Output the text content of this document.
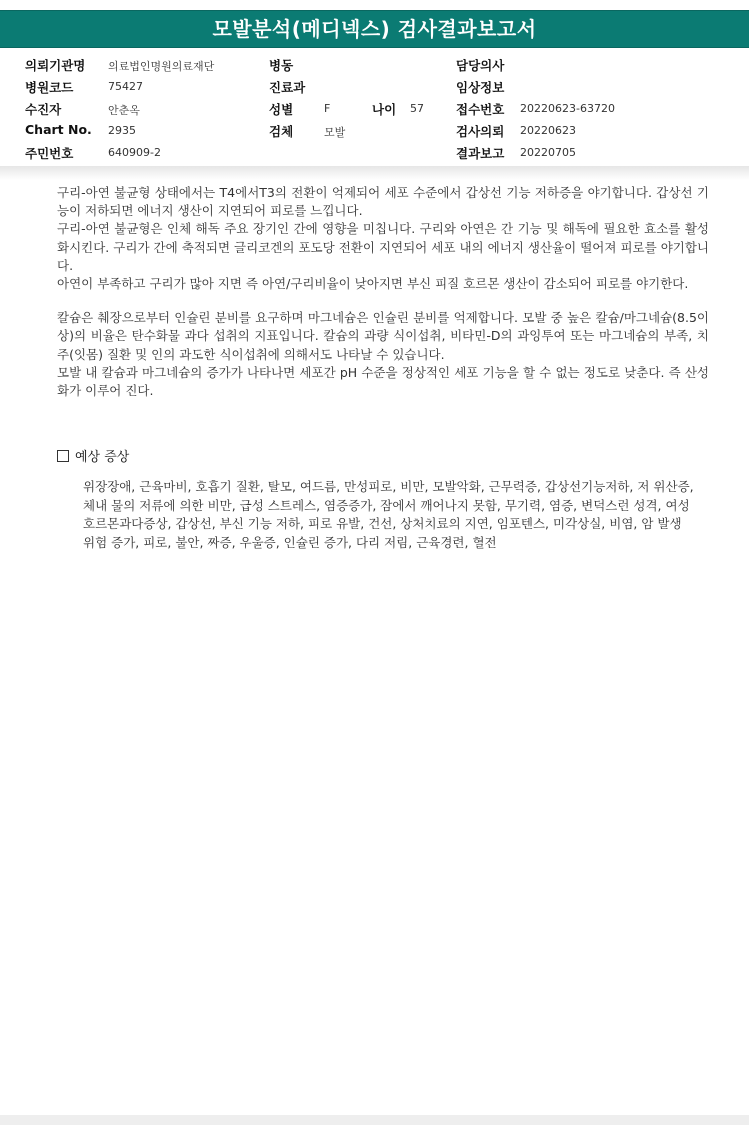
모발분석(메디넥스) 검사결과보고서
의뢰기관명 의료법인명원의료재단	병동	담당의사
병원코드	75427	진료과	임상정보
수진자	안춘옥	성별	F	나이 57	접수번호 20220623-63720
Chart No. 2935	검체	모발	검사의뢰 20220623
주민번호	640909-2	결과보고 20220705

구리-아연 불균형 상태에서는 T4에서T3의 전환이 억제되어 세포 수준에서 갑상선 기능 저하증을 야기합니다. 갑상선 기능이 저하되면 에너지 생산이 지연되어 피로를 느낍니다.

구리-아연 불균형은 인체 해독 주요 장기인 간에 영향을 미칩니다. 구리와 아연은 간 기능 및 해독에 필요한 효소를 활성화시킨다. 구리가 간에 축적되면 글리코겐의 포도당 전환이 지연되어 세포 내의 에너지 생산율이 떨어져 피로를 야기합니다.

아연이 부족하고 구리가 많아 지면 즉 아연/구리비율이 낮아지면 부신 피질 호르몬 생산이 감소되어 피로를 야기한다.

칼슘은 췌장으로부터 인슐린 분비를 요구하며 마그네슘은 인슐린 분비를 억제합니다. 모발 중 높은 칼슘/마그네슘(8.5이상)의 비율은 탄수화물 과다 섭취의 지표입니다. 칼슘의 과량 식이섭취, 비타민-D의 과잉투여 또는 마그네슘의 부족, 치주(잇몸) 질환 및 인의 과도한 식이섭취에 의해서도 나타날 수 있습니다.

모발 내 칼슘과 마그네슘의 증가가 나타나면 세포간 pH 수준을 정상적인 세포 기능을 할 수 없는 정도로 낮춘다. 즉 산성화가 이루어 진다.

예상 증상
위장장애, 근육마비, 호흡기 질환, 탈모, 여드름, 만성피로, 비만, 모발악화, 근무력증, 갑상선기능저하, 저 위산증, 체내 물의 저류에 의한 비만, 급성 스트레스, 염증증가, 잠에서 깨어나지 못함, 무기력, 염증, 변덕스런 성격, 여성 호르몬과다증상, 갑상선, 부신 기능 저하, 피로 유발, 건선, 상처치료의 지연, 임포텐스, 미각상실, 비염, 암 발생 위험 증가, 피로, 불안, 짜증, 우울증, 인슐린 증가, 다리 저림, 근육경련, 혈전
